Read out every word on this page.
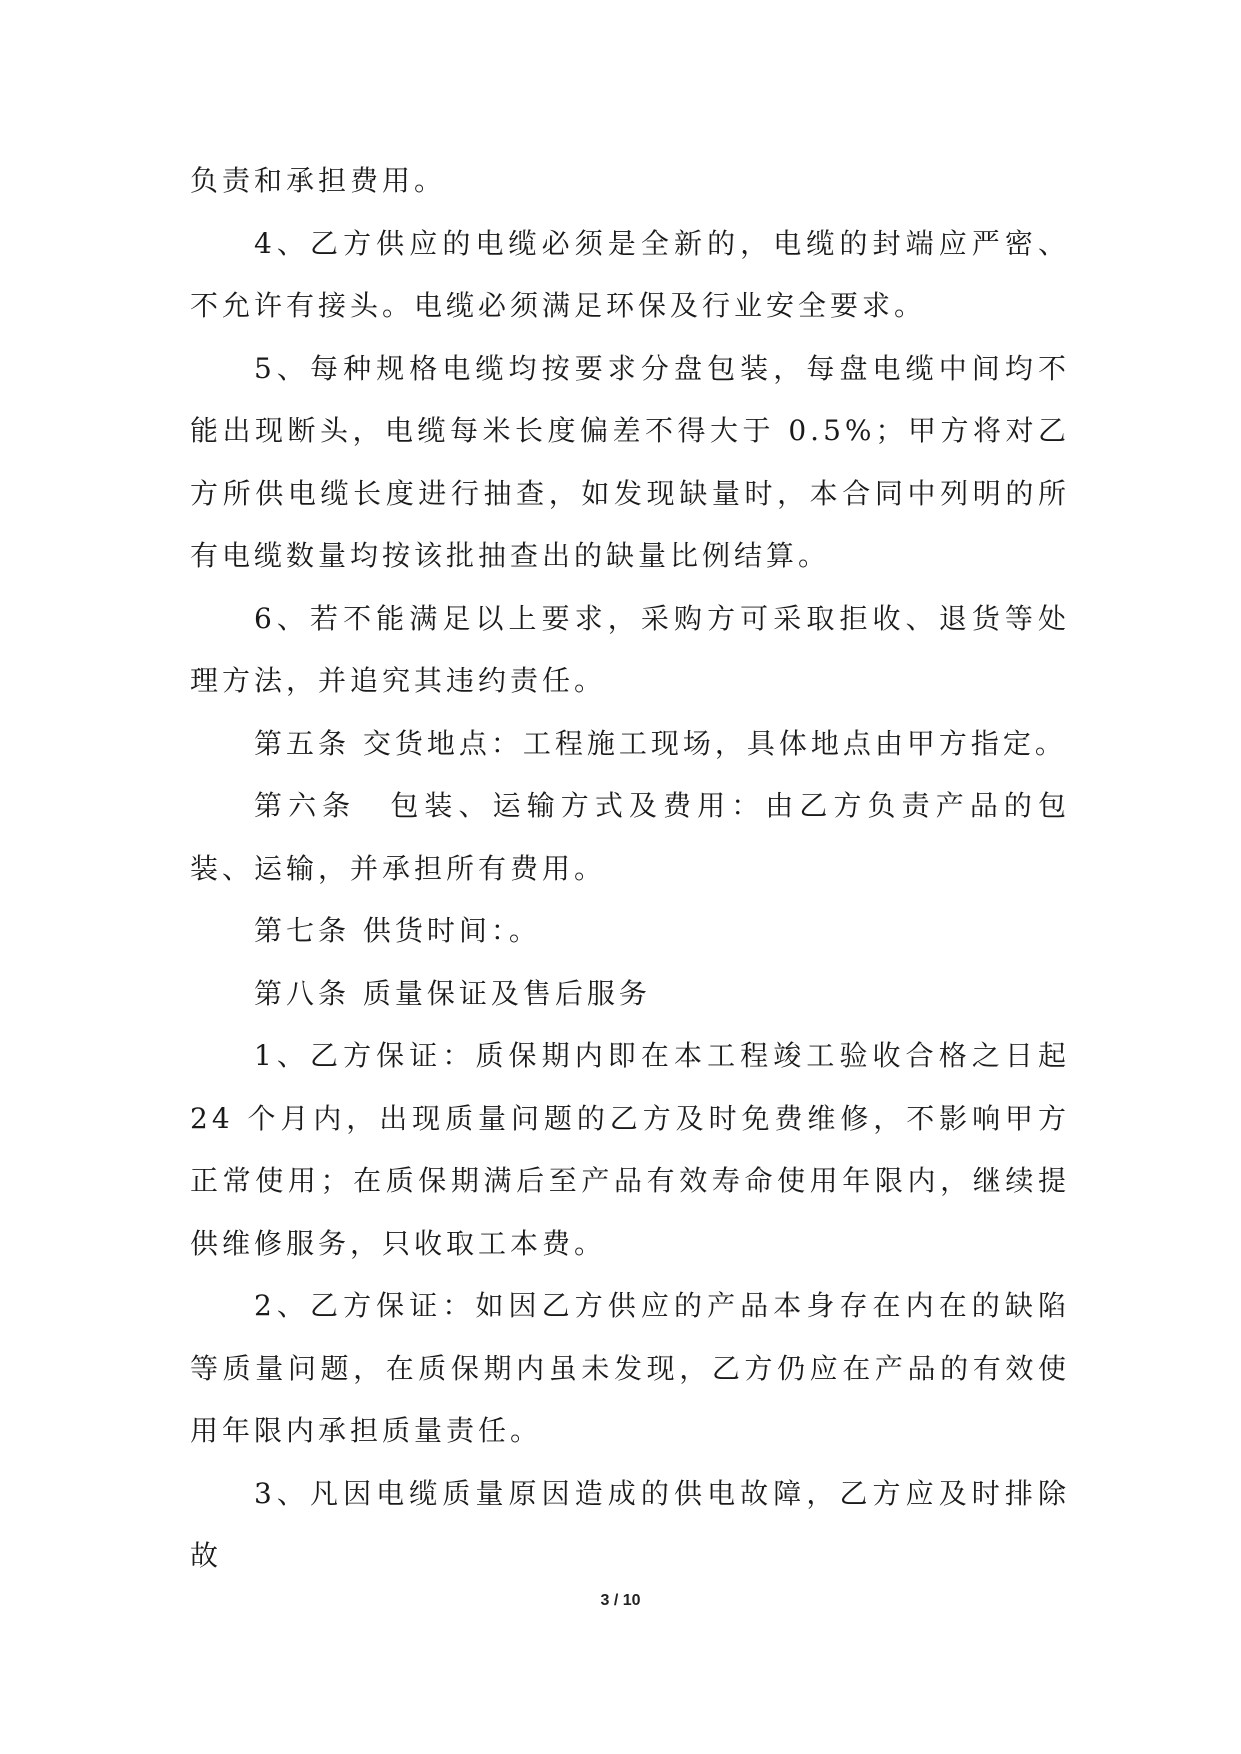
负责和承担费用。

4、乙方供应的电缆必须是全新的，电缆的封端应严密、不允许有接头。电缆必须满足环保及行业安全要求。

5、每种规格电缆均按要求分盘包装，每盘电缆中间均不能出现断头，电缆每米长度偏差不得大于 0.5%；甲方将对乙方所供电缆长度进行抽查，如发现缺量时，本合同中列明的所有电缆数量均按该批抽查出的缺量比例结算。

6、若不能满足以上要求，采购方可采取拒收、退货等处理方法，并追究其违约责任。

第五条 交货地点：工程施工现场，具体地点由甲方指定。

第六条　包装、运输方式及费用：由乙方负责产品的包装、运输，并承担所有费用。

第七条 供货时间：。

第八条 质量保证及售后服务

1、乙方保证：质保期内即在本工程竣工验收合格之日起 24 个月内，出现质量问题的乙方及时免费维修，不影响甲方正常使用；在质保期满后至产品有效寿命使用年限内，继续提供维修服务，只收取工本费。

2、乙方保证：如因乙方供应的产品本身存在内在的缺陷等质量问题，在质保期内虽未发现，乙方仍应在产品的有效使用年限内承担质量责任。

3、凡因电缆质量原因造成的供电故障，乙方应及时排除故

3 / 10
